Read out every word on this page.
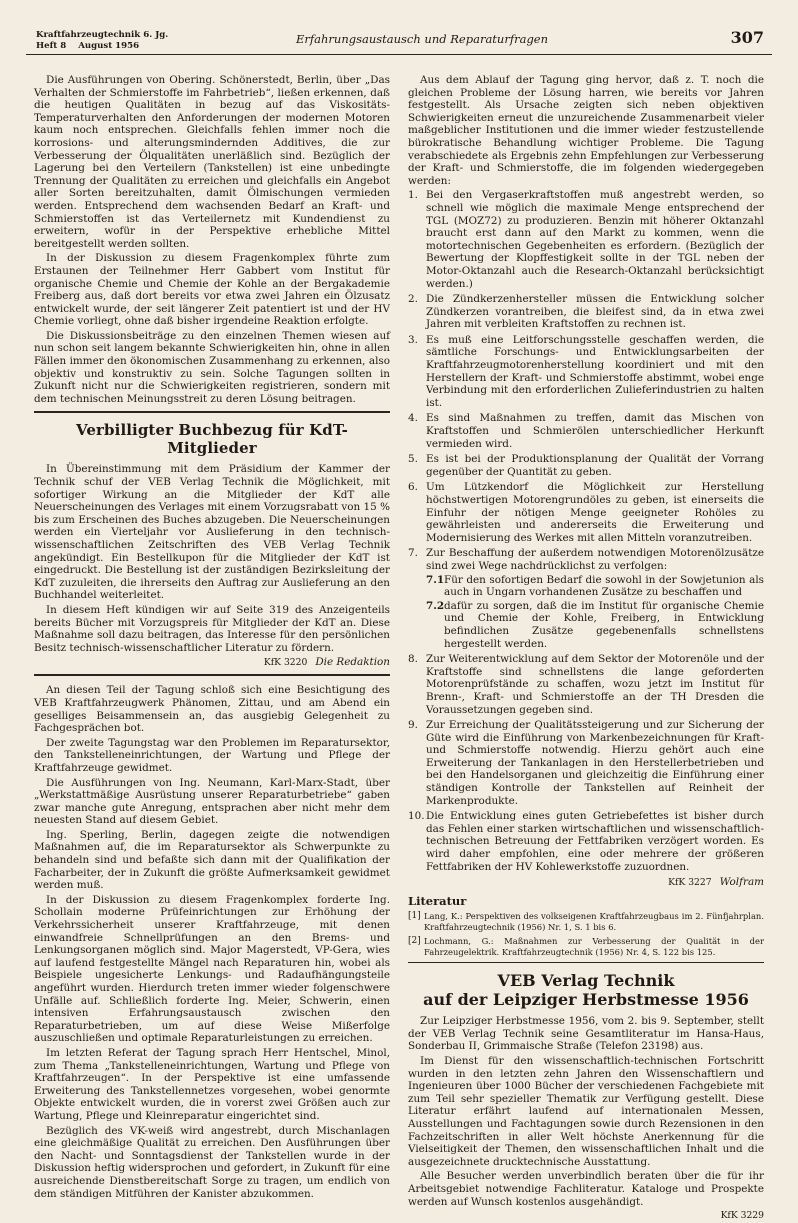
Kraftfahrzeugtechnik 6. Jg.
Heft 8 August 1956	Erfahrungsaustausch und Reparaturfragen	307

Die Ausführungen von Obering. Schönerstedt, Berlin, über „Das Verhalten der Schmierstoffe im Fahrbetrieb“, ließen erkennen, daß die heutigen Qualitäten in bezug auf das Viskositäts-Temperaturverhalten den Anforderungen der modernen Motoren kaum noch entsprechen. Gleichfalls fehlen immer noch die korrosions- und alterungsmindernden Additives, die zur Verbesserung der Ölqualitäten unerläßlich sind. Bezüglich der Lagerung bei den Verteilern (Tankstellen) ist eine unbedingte Trennung der Qualitäten zu erreichen und gleichfalls ein Angebot aller Sorten bereitzuhalten, damit Ölmischungen vermieden werden. Entsprechend dem wachsenden Bedarf an Kraft- und Schmierstoffen ist das Verteilernetz mit Kundendienst zu erweitern, wofür in der Perspektive erhebliche Mittel bereitgestellt werden sollten.

In der Diskussion zu diesem Fragenkomplex führte zum Erstaunen der Teilnehmer Herr Gabbert vom Institut für organische Chemie und Chemie der Kohle an der Bergakademie Freiberg aus, daß dort bereits vor etwa zwei Jahren ein Ölzusatz entwickelt wurde, der seit längerer Zeit patentiert ist und der HV Chemie vorliegt, ohne daß bisher irgendeine Reaktion erfolgte.

Die Diskussionsbeiträge zu den einzelnen Themen wiesen auf nun schon seit langem bekannte Schwierigkeiten hin, ohne in allen Fällen immer den ökonomischen Zusammenhang zu erkennen, also objektiv und konstruktiv zu sein. Solche Tagungen sollten in Zukunft nicht nur die Schwierigkeiten registrieren, sondern mit dem technischen Meinungsstreit zu deren Lösung beitragen.

Verbilligter Buchbezug für KdT-Mitglieder

In Übereinstimmung mit dem Präsidium der Kammer der Technik schuf der VEB Verlag Technik die Möglichkeit, mit sofortiger Wirkung an die Mitglieder der KdT alle Neuerscheinungen des Verlages mit einem Vorzugsrabatt von 15 % bis zum Erscheinen des Buches abzugeben. Die Neuerscheinungen werden ein Vierteljahr vor Auslieferung in den technisch-wissenschaftlichen Zeitschriften des VEB Verlag Technik angekündigt. Ein Bestellkupon für die Mitglieder der KdT ist eingedruckt. Die Bestellung ist der zuständigen Bezirksleitung der KdT zuzuleiten, die ihrerseits den Auftrag zur Auslieferung an den Buchhandel weiterleitet.

In diesem Heft kündigen wir auf Seite 319 des Anzeigenteils bereits Bücher mit Vorzugspreis für Mitglieder der KdT an. Diese Maßnahme soll dazu beitragen, das Interesse für den persönlichen Besitz technisch-wissenschaftlicher Literatur zu fördern.

KfK 3220 Die Redaktion

An diesen Teil der Tagung schloß sich eine Besichtigung des VEB Kraftfahrzeugwerk Phänomen, Zittau, und am Abend ein geselliges Beisammensein an, das ausgiebig Gelegenheit zu Fachgesprächen bot.

Der zweite Tagungstag war den Problemen im Reparatursektor, den Tankstelleneinrichtungen, der Wartung und Pflege der Kraftfahrzeuge gewidmet.

Die Ausführungen von Ing. Neumann, Karl-Marx-Stadt, über „Werkstattmäßige Ausrüstung unserer Reparaturbetriebe“ gaben zwar manche gute Anregung, entsprachen aber nicht mehr dem neuesten Stand auf diesem Gebiet.

Ing. Sperling, Berlin, dagegen zeigte die notwendigen Maßnahmen auf, die im Reparatursektor als Schwerpunkte zu behandeln sind und befaßte sich dann mit der Qualifikation der Facharbeiter, der in Zukunft die größte Aufmerksamkeit gewidmet werden muß.

In der Diskussion zu diesem Fragenkomplex forderte Ing. Schollain moderne Prüfeinrichtungen zur Erhöhung der Verkehrssicherheit unserer Kraftfahrzeuge, mit denen einwandfreie Schnellprüfungen an den Brems- und Lenkungsorganen möglich sind. Major Magerstedt, VP-Gera, wies auf laufend festgestellte Mängel nach Reparaturen hin, wobei als Beispiele ungesicherte Lenkungs- und Radaufhängungsteile angeführt wurden. Hierdurch treten immer wieder folgenschwere Unfälle auf. Schließlich forderte Ing. Meier, Schwerin, einen intensiven Erfahrungsaustausch zwischen den Reparaturbetrieben, um auf diese Weise Mißerfolge auszuschließen und optimale Reparaturleistungen zu erreichen.

Im letzten Referat der Tagung sprach Herr Hentschel, Minol, zum Thema „Tankstelleneinrichtungen, Wartung und Pflege von Kraftfahrzeugen“. In der Perspektive ist eine umfassende Erweiterung des Tankstellennetzes vorgesehen, wobei genormte Objekte entwickelt wurden, die in vorerst zwei Größen auch zur Wartung, Pflege und Kleinreparatur eingerichtet sind.

Bezüglich des VK-weiß wird angestrebt, durch Mischanlagen eine gleichmäßige Qualität zu erreichen. Den Ausführungen über den Nacht- und Sonntagsdienst der Tankstellen wurde in der Diskussion heftig widersprochen und gefordert, in Zukunft für eine ausreichende Dienstbereitschaft Sorge zu tragen, um endlich von dem ständigen Mitführen der Kanister abzukommen.

Aus dem Ablauf der Tagung ging hervor, daß z. T. noch die gleichen Probleme der Lösung harren, wie bereits vor Jahren festgestellt. Als Ursache zeigten sich neben objektiven Schwierigkeiten erneut die unzureichende Zusammenarbeit vieler maßgeblicher Institutionen und die immer wieder festzustellende bürokratische Behandlung wichtiger Probleme. Die Tagung verabschiedete als Ergebnis zehn Empfehlungen zur Verbesserung der Kraft- und Schmierstoffe, die im folgenden wiedergegeben werden:

1. Bei den Vergaserkraftstoffen muß angestrebt werden, so schnell wie möglich die maximale Menge entsprechend der TGL (MOZ72) zu produzieren. Benzin mit höherer Oktanzahl braucht erst dann auf den Markt zu kommen, wenn die motortechnischen Gegebenheiten es erfordern. (Bezüglich der Bewertung der Klopffestigkeit sollte in der TGL neben der Motor-Oktanzahl auch die Research-Oktanzahl berücksichtigt werden.)
2. Die Zündkerzenhersteller müssen die Entwicklung solcher Zündkerzen vorantreiben, die bleifest sind, da in etwa zwei Jahren mit verbleiten Kraftstoffen zu rechnen ist.
3. Es muß eine Leitforschungsstelle geschaffen werden, die sämtliche Forschungs- und Entwicklungsarbeiten der Kraftfahrzeugmotorenherstellung koordiniert und mit den Herstellern der Kraft- und Schmierstoffe abstimmt, wobei enge Verbindung mit den erforderlichen Zulieferindustrien zu halten ist.
4. Es sind Maßnahmen zu treffen, damit das Mischen von Kraftstoffen und Schmierölen unterschiedlicher Herkunft vermieden wird.
5. Es ist bei der Produktionsplanung der Qualität der Vorrang gegenüber der Quantität zu geben.
6. Um Lützkendorf die Möglichkeit zur Herstellung höchstwertigen Motorengrundöles zu geben, ist einerseits die Einfuhr der nötigen Menge geeigneter Rohöles zu gewährleisten und andererseits die Erweiterung und Modernisierung des Werkes mit allen Mitteln voranzutreiben.
7. Zur Beschaffung der außerdem notwendigen Motorenölzusätze sind zwei Wege nachdrücklichst zu verfolgen:
7.1 Für den sofortigen Bedarf die sowohl in der Sowjetunion als auch in Ungarn vorhandenen Zusätze zu beschaffen und
7.2 dafür zu sorgen, daß die im Institut für organische Chemie und Chemie der Kohle, Freiberg, in Entwicklung befindlichen Zusätze gegebenenfalls schnellstens hergestellt werden.
8. Zur Weiterentwicklung auf dem Sektor der Motorenöle und der Kraftstoffe sind schnellstens die lange geforderten Motorenprüfstände zu schaffen, wozu jetzt im Institut für Brenn-, Kraft- und Schmierstoffe an der TH Dresden die Voraussetzungen gegeben sind.
9. Zur Erreichung der Qualitätssteigerung und zur Sicherung der Güte wird die Einführung von Markenbezeichnungen für Kraft- und Schmierstoffe notwendig. Hierzu gehört auch eine Erweiterung der Tankanlagen in den Herstellerbetrieben und bei den Handelsorganen und gleichzeitig die Einführung einer ständigen Kontrolle der Tankstellen auf Reinheit der Markenprodukte.
10. Die Entwicklung eines guten Getriebefettes ist bisher durch das Fehlen einer starken wirtschaftlichen und wissenschaftlich-technischen Betreuung der Fettfabriken verzögert worden. Es wird daher empfohlen, eine oder mehrere der größeren Fettfabriken der HV Kohlewerkstoffe zuzuordnen.
KfK 3227 Wolfram
Literatur
[1] Lang, K.: Perspektiven des volkseigenen Kraftfahrzeugbaus im 2. Fünfjahrplan. Kraftfahrzeugtechnik (1956) Nr. 1, S. 1 bis 6.
[2] Lochmann, G.: Maßnahmen zur Verbesserung der Qualität in der Fahrzeugelektrik. Kraftfahrzeugtechnik (1956) Nr. 4, S. 122 bis 125.
VEB Verlag Technik
auf der Leipziger Herbstmesse 1956

Zur Leipziger Herbstmesse 1956, vom 2. bis 9. September, stellt der VEB Verlag Technik seine Gesamtliteratur im Hansa-Haus, Sonderbau II, Grimmaische Straße (Telefon 23198) aus.

Im Dienst für den wissenschaftlich-technischen Fortschritt wurden in den letzten zehn Jahren den Wissenschaftlern und Ingenieuren über 1000 Bücher der verschiedenen Fachgebiete mit zum Teil sehr spezieller Thematik zur Verfügung gestellt. Diese Literatur erfährt laufend auf internationalen Messen, Ausstellungen und Fachtagungen sowie durch Rezensionen in den Fachzeitschriften in aller Welt höchste Anerkennung für die Vielseitigkeit der Themen, den wissenschaftlichen Inhalt und die ausgezeichnete drucktechnische Ausstattung.

Alle Besucher werden unverbindlich beraten über die für ihr Arbeitsgebiet notwendige Fachliteratur. Kataloge und Prospekte werden auf Wunsch kostenlos ausgehändigt.

KfK 3229
